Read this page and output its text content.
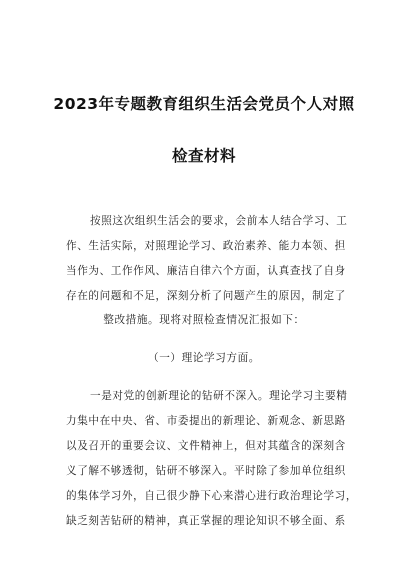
2023年专题教育组织生活会党员个人对照
检查材料
按照这次组织生活会的要求，会前本人结合学习、工
作、生活实际，对照理论学习、政治素养、能力本领、担
当作为、工作作风、廉洁自律六个方面，认真查找了自身
存在的问题和不足，深刻分析了问题产生的原因，制定了
整改措施。现将对照检查情况汇报如下：
（一）理论学习方面。
一是对党的创新理论的钻研不深入。理论学习主要精
力集中在中央、省、市委提出的新理论、新观念、新思路
以及召开的重要会议、文件精神上，但对其蕴含的深刻含
义了解不够透彻，钻研不够深入。平时除了参加单位组织
的集体学习外，自己很少静下心来潜心进行政治理论学习，
缺乏刻苦钻研的精神，真正掌握的理论知识不够全面、系
